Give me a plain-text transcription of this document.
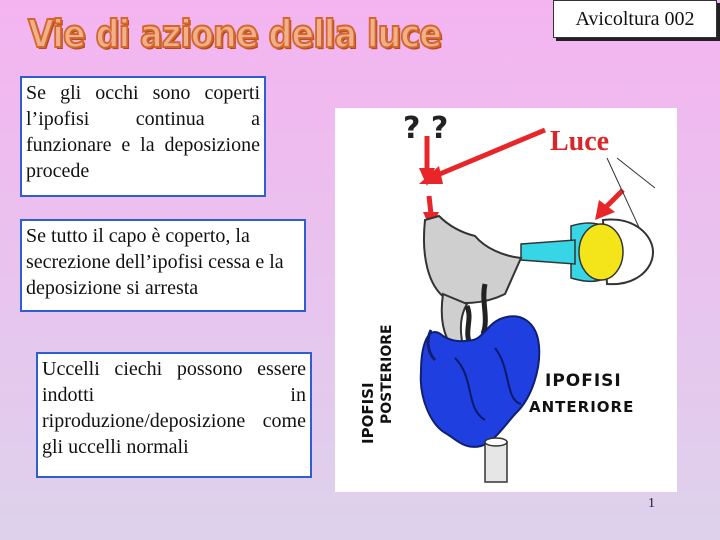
Vie di azione della luce	Avicoltura 002
Se gli occhi sono coperti l’ipofisi continua a funzionare e la deposizione procede
Se tutto il capo è coperto, la secrezione dell’ipofisi cessa e la deposizione si arresta
Uccelli ciechi possono essere indotti in riproduzione/deposizione come gli uccelli normali
? ?	Luce
IPOFISI POSTERIORE	IPOFISI
ANTERIORE
1
